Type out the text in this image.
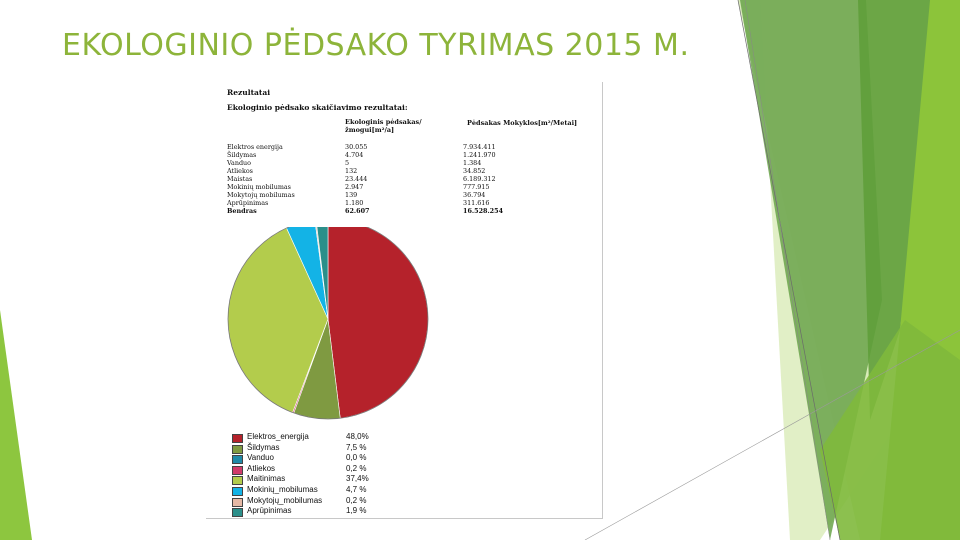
EKOLOGINIO PĖDSAKO TYRIMAS 2015 M.
Rezultatai
Ekologinio pėdsako skaičiavimo rezultatai:
Ekologinis pėdsakas/žmogui[m²/a]
Pėdsakas Mokyklos[m²/Metai]
Elektros energija	30.055	7.934.411
Šildymas	4.704	1.241.970
Vanduo	5	1.384
Atliekos	132	34.852
Maistas	23.444	6.189.312
Mokinių mobilumas	2.947	777.915
Mokytojų mobilumas	139	36.794
Aprūpinimas	1.180	311.616
Bendras	62.607	16.528.254
Elektros_energija	48,0%
Šildymas	7,5 %
Vanduo	0,0 %
Atliekos	0,2 %
Maitinimas	37,4%
Mokinių_mobilumas	4,7 %
Mokytojų_mobilumas	0,2 %
Aprūpinimas	1,9 %
